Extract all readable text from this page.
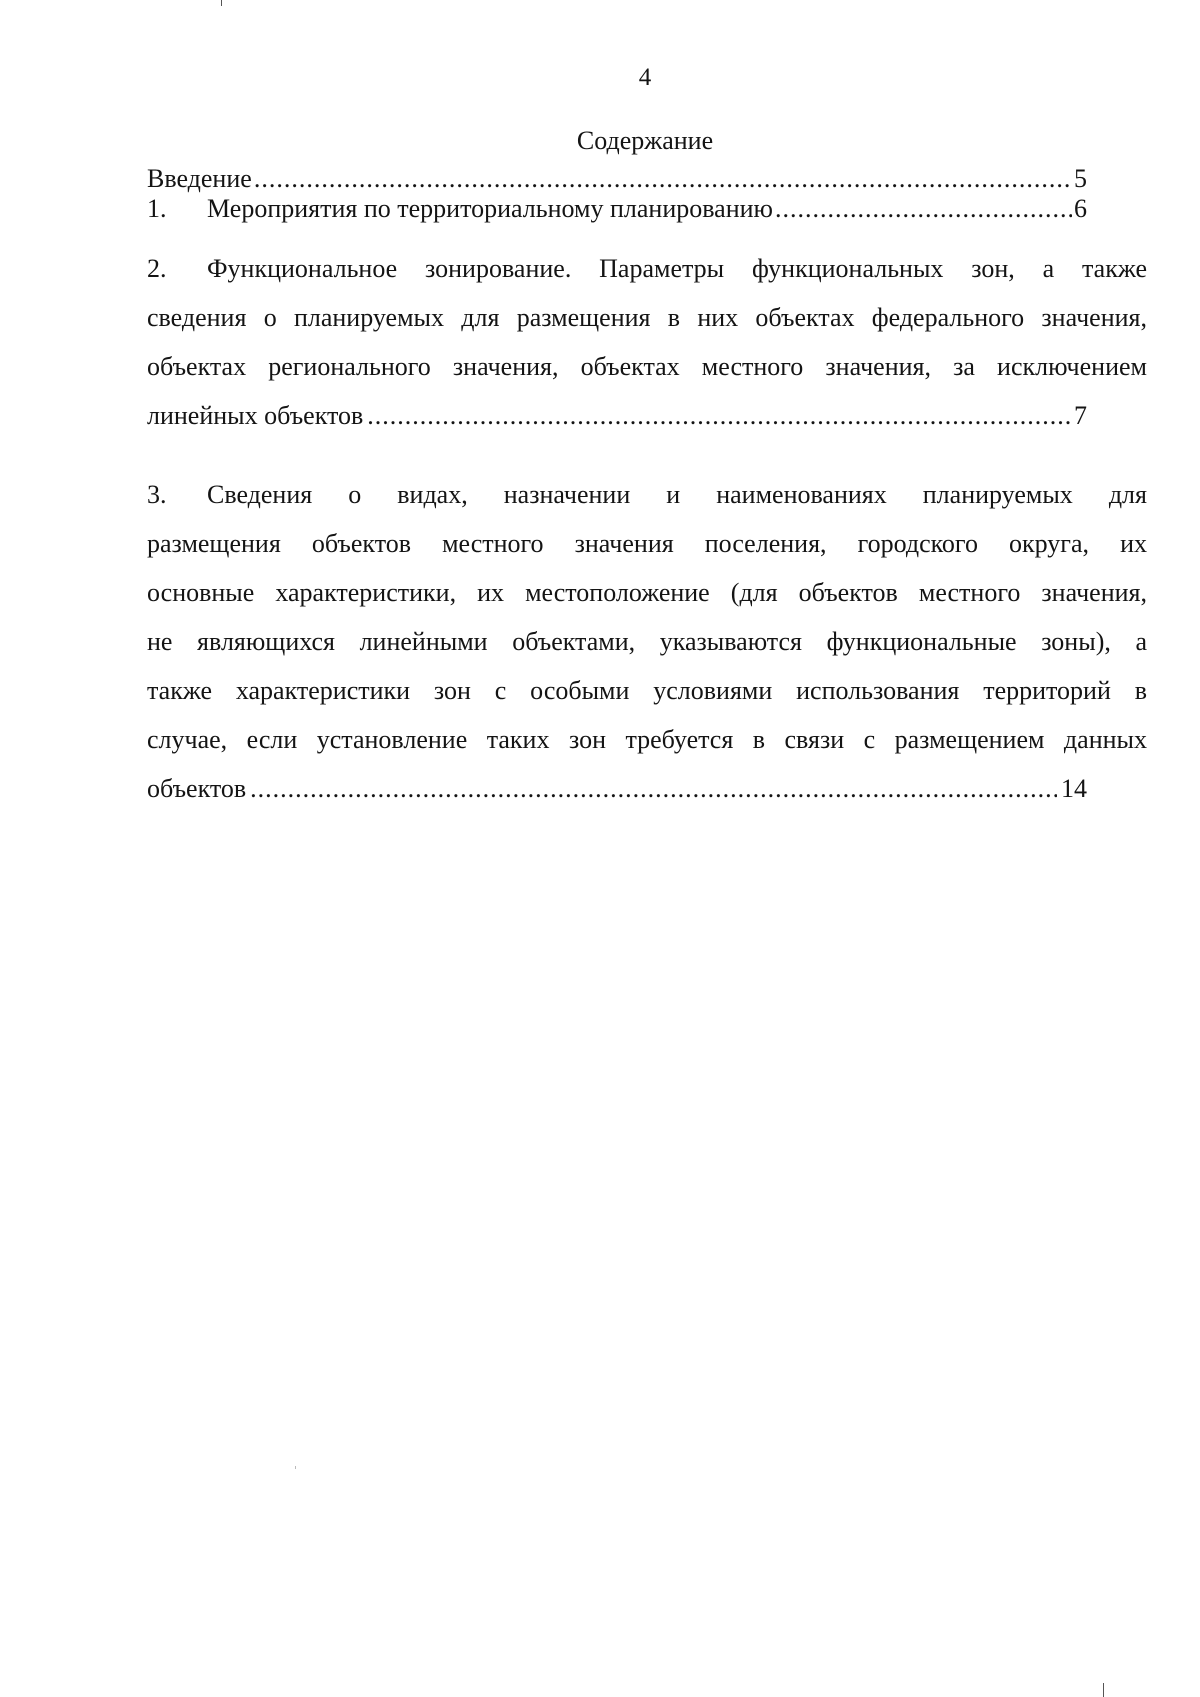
4
Содержание
Введение .....	5
1.	Мероприятия по территориальному планированию .....	6
2. Функциональное зонирование. Параметры функциональных зон, а также
сведения о планируемых для размещения в них объектах федерального значения,
объектах регионального значения, объектах местного значения, за исключением
линейных объектов .....	7
3. Сведения о видах, назначении и наименованиях планируемых для
размещения объектов местного значения поселения, городского округа, их
основные характеристики, их местоположение (для объектов местного значения,
не являющихся линейными объектами, указываются функциональные зоны), а
также характеристики зон с особыми условиями использования территорий в
случае, если установление таких зон требуется в связи с размещением данных
объектов .....	14
